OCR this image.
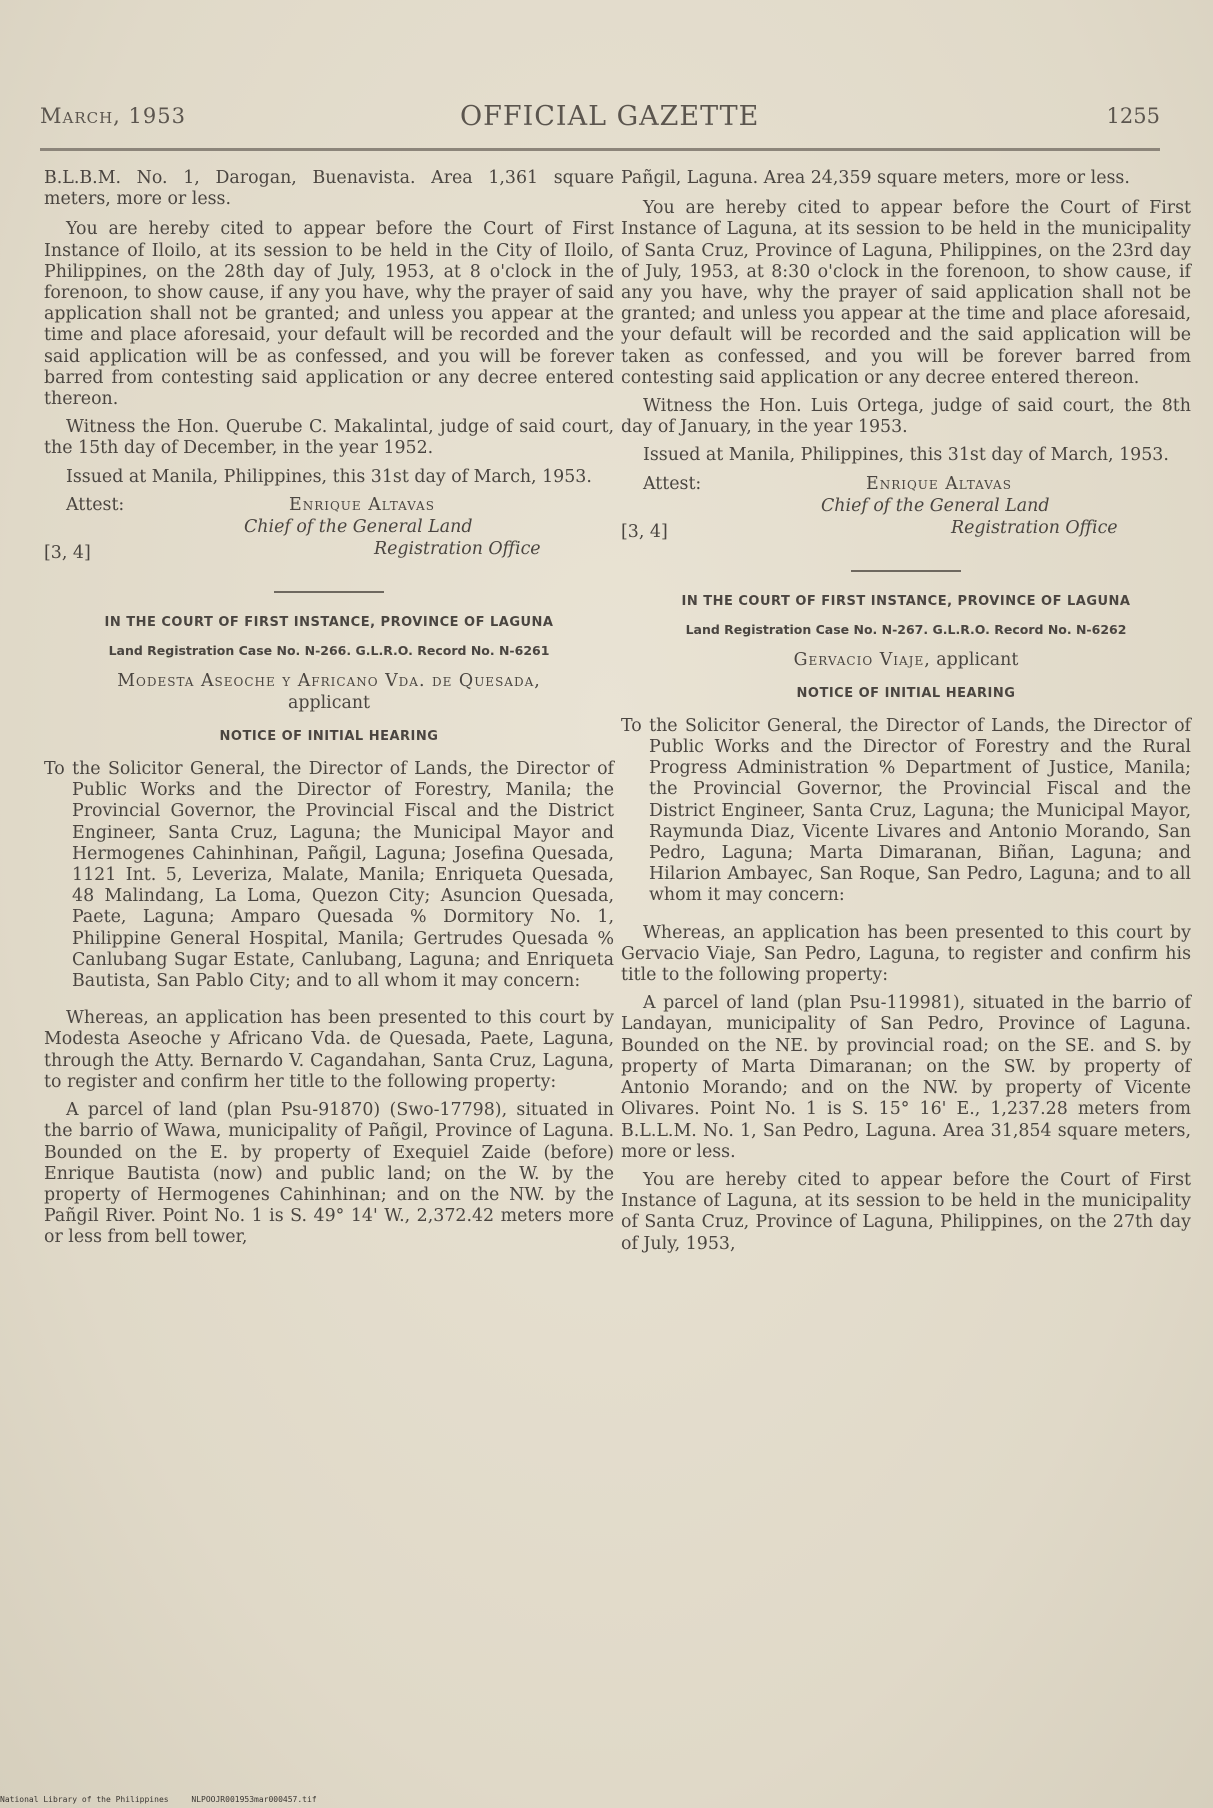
March, 1953	OFFICIAL GAZETTE	1255

B.L.B.M. No. 1, Darogan, Buenavista. Area 1,361 square meters, more or less.

You are hereby cited to appear before the Court of First Instance of Iloilo, at its session to be held in the City of Iloilo, Philippines, on the 28th day of July, 1953, at 8 o'clock in the forenoon, to show cause, if any you have, why the prayer of said application shall not be granted; and unless you appear at the time and place aforesaid, your default will be recorded and the said application will be as confessed, and you will be forever barred from contesting said application or any decree entered thereon.

Witness the Hon. Querube C. Makalintal, judge of said court, the 15th day of December, in the year 1952.

Issued at Manila, Philippines, this 31st day of March, 1953.

Attest:	Enrique Altavas
Chief of the General Land
Registration Office
[3, 4]
IN THE COURT OF FIRST INSTANCE, PROVINCE OF LAGUNA
Land Registration Case No. N-266. G.L.R.O. Record No. N-6261
Modesta Aseoche y Africano Vda. de Quesada,
applicant
NOTICE OF INITIAL HEARING

To the Solicitor General, the Director of Lands, the Director of Public Works and the Director of Forestry, Manila; the Provincial Governor, the Provincial Fiscal and the District Engineer, Santa Cruz, Laguna; the Municipal Mayor and Hermogenes Cahinhinan, Pañgil, Laguna; Josefina Quesada, 1121 Int. 5, Leveriza, Malate, Manila; Enriqueta Quesada, 48 Malindang, La Loma, Quezon City; Asuncion Quesada, Paete, Laguna; Amparo Quesada % Dormitory No. 1, Philippine General Hospital, Manila; Gertrudes Quesada % Canlubang Sugar Estate, Canlubang, Laguna; and Enriqueta Bautista, San Pablo City; and to all whom it may concern:

Whereas, an application has been presented to this court by Modesta Aseoche y Africano Vda. de Quesada, Paete, Laguna, through the Atty. Bernardo V. Cagandahan, Santa Cruz, Laguna, to register and confirm her title to the following property:

A parcel of land (plan Psu-91870) (Swo-17798), situated in the barrio of Wawa, municipality of Pañgil, Province of Laguna. Bounded on the E. by property of Exequiel Zaide (before) Enrique Bautista (now) and public land; on the W. by the property of Hermogenes Cahinhinan; and on the NW. by the Pañgil River. Point No. 1 is S. 49° 14' W., 2,372.42 meters more or less from bell tower,

Pañgil, Laguna. Area 24,359 square meters, more or less.

You are hereby cited to appear before the Court of First Instance of Laguna, at its session to be held in the municipality of Santa Cruz, Province of Laguna, Philippines, on the 23rd day of July, 1953, at 8:30 o'clock in the forenoon, to show cause, if any you have, why the prayer of said application shall not be granted; and unless you appear at the time and place aforesaid, your default will be recorded and the said application will be taken as confessed, and you will be forever barred from contesting said application or any decree entered thereon.

Witness the Hon. Luis Ortega, judge of said court, the 8th day of January, in the year 1953.

Issued at Manila, Philippines, this 31st day of March, 1953.

Attest:	Enrique Altavas
Chief of the General Land
Registration Office
[3, 4]
IN THE COURT OF FIRST INSTANCE, PROVINCE OF LAGUNA
Land Registration Case No. N-267. G.L.R.O. Record No. N-6262
Gervacio Viaje, applicant
NOTICE OF INITIAL HEARING

To the Solicitor General, the Director of Lands, the Director of Public Works and the Director of Forestry and the Rural Progress Administration % Department of Justice, Manila; the Provincial Governor, the Provincial Fiscal and the District Engineer, Santa Cruz, Laguna; the Municipal Mayor, Raymunda Diaz, Vicente Livares and Antonio Morando, San Pedro, Laguna; Marta Dimaranan, Biñan, Laguna; and Hilarion Ambayec, San Roque, San Pedro, Laguna; and to all whom it may concern:

Whereas, an application has been presented to this court by Gervacio Viaje, San Pedro, Laguna, to register and confirm his title to the following property:

A parcel of land (plan Psu-119981), situated in the barrio of Landayan, municipality of San Pedro, Province of Laguna. Bounded on the NE. by provincial road; on the SE. and S. by property of Marta Dimaranan; on the SW. by property of Antonio Morando; and on the NW. by property of Vicente Olivares. Point No. 1 is S. 15° 16' E., 1,237.28 meters from B.L.L.M. No. 1, San Pedro, Laguna. Area 31,854 square meters, more or less.

You are hereby cited to appear before the Court of First Instance of Laguna, at its session to be held in the municipality of Santa Cruz, Province of Laguna, Philippines, on the 27th day of July, 1953,

National Library of the Philippines	NLPOOJR001953mar000457.tif
